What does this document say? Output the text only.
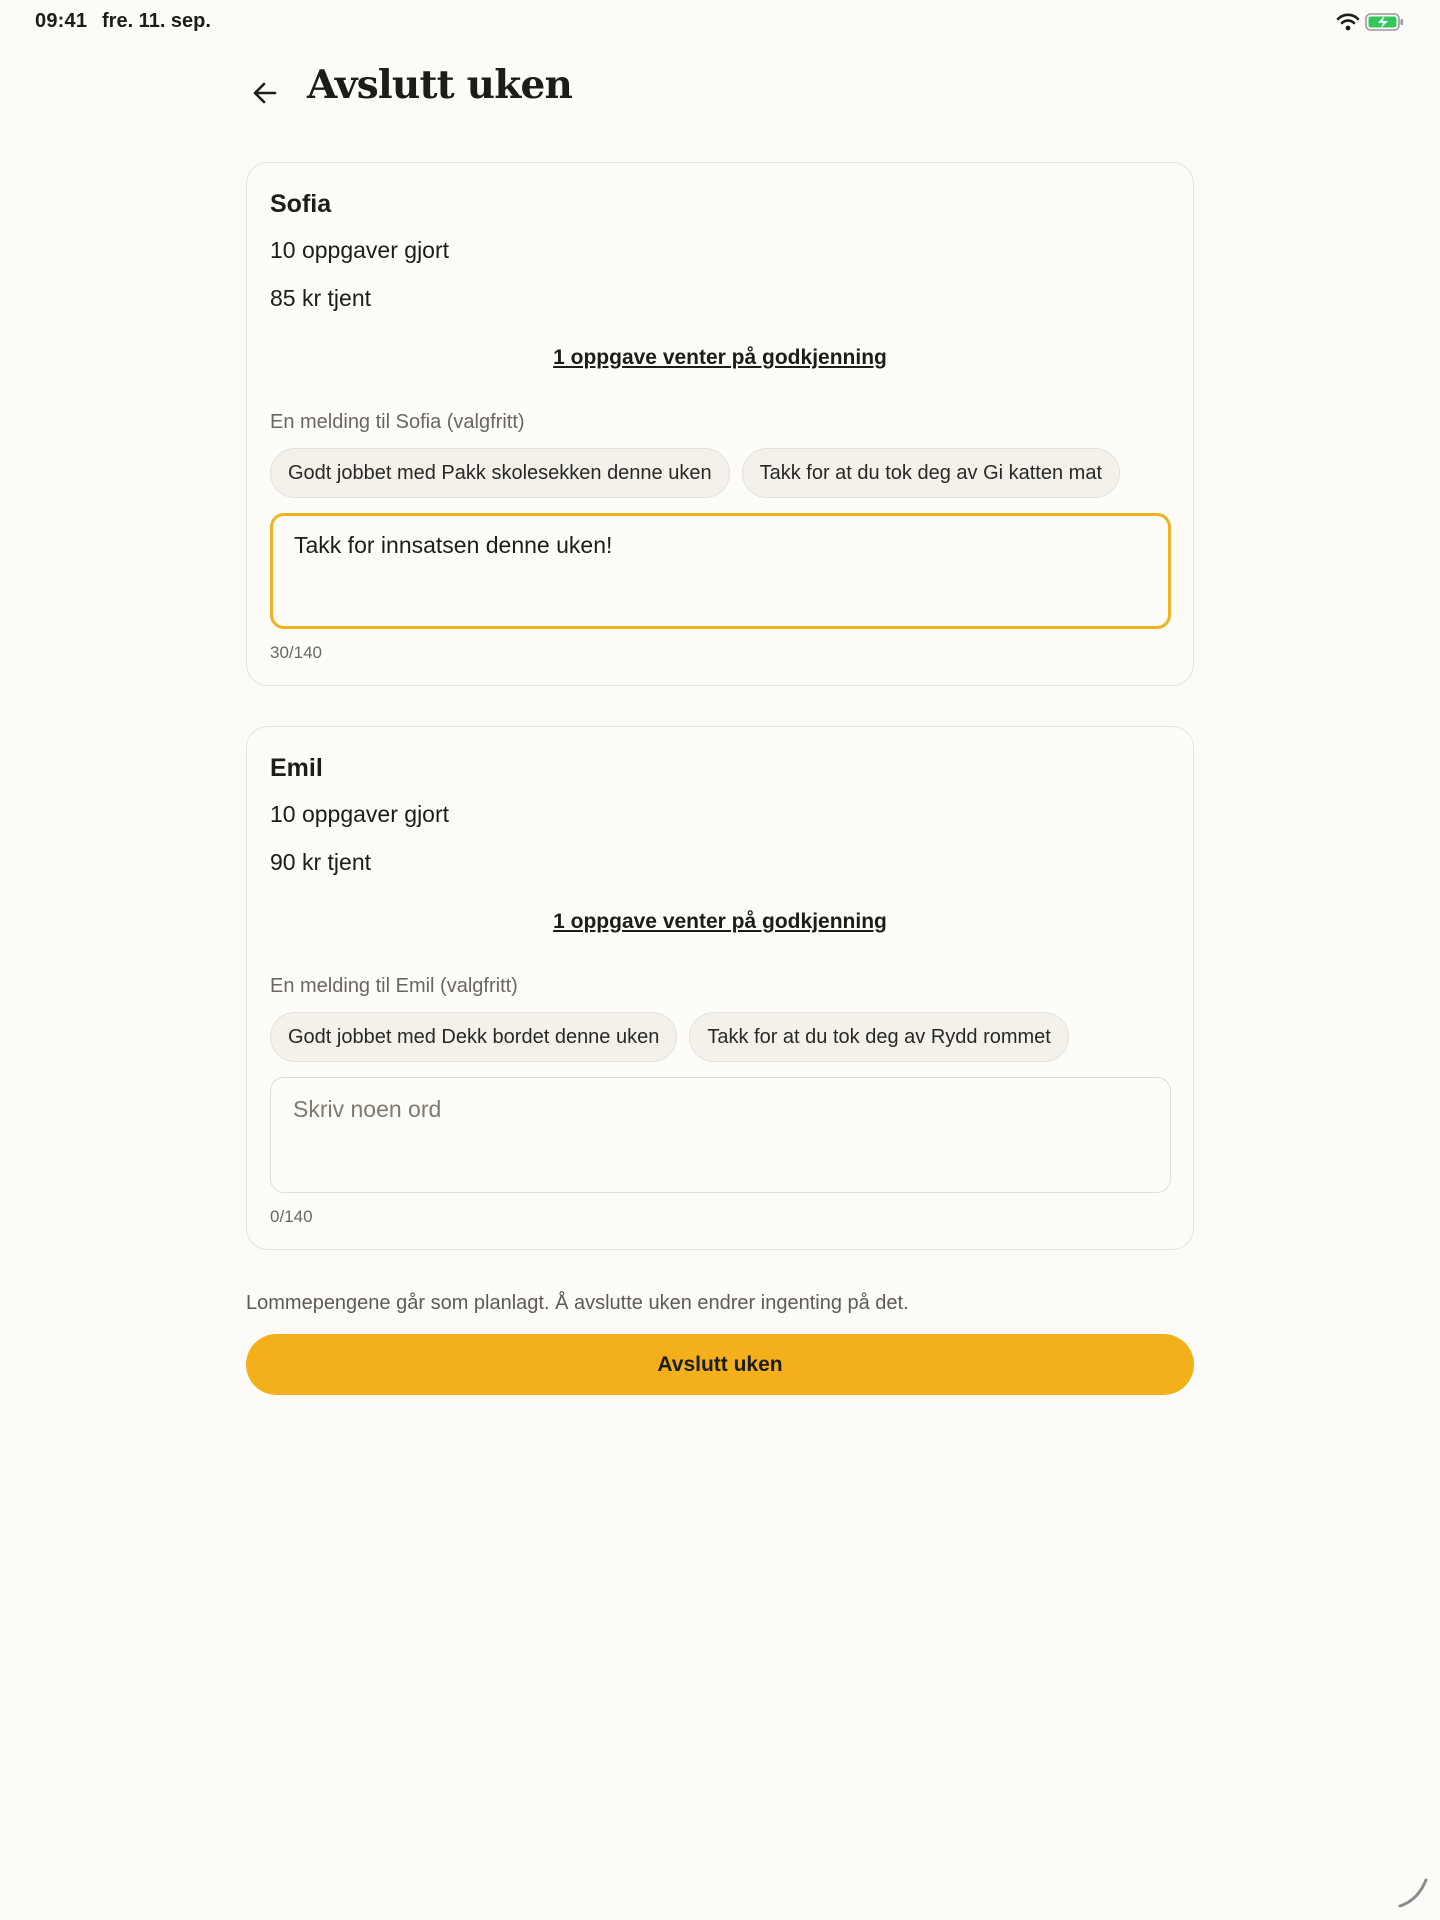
09:41 fre. 11. sep.
Avslutt uken
Sofia
10 oppgaver gjort
85 kr tjent
1 oppgave venter på godkjenning
En melding til Sofia (valgfritt)
Godt jobbet med Pakk skolesekken denne uken	Takk for at du tok deg av Gi katten mat
Takk for innsatsen denne uken!
30/140
Emil
10 oppgaver gjort
90 kr tjent
1 oppgave venter på godkjenning
En melding til Emil (valgfritt)
Godt jobbet med Dekk bordet denne uken	Takk for at du tok deg av Rydd rommet
Skriv noen ord
0/140
Lommepengene går som planlagt. Å avslutte uken endrer ingenting på det.
Avslutt uken
